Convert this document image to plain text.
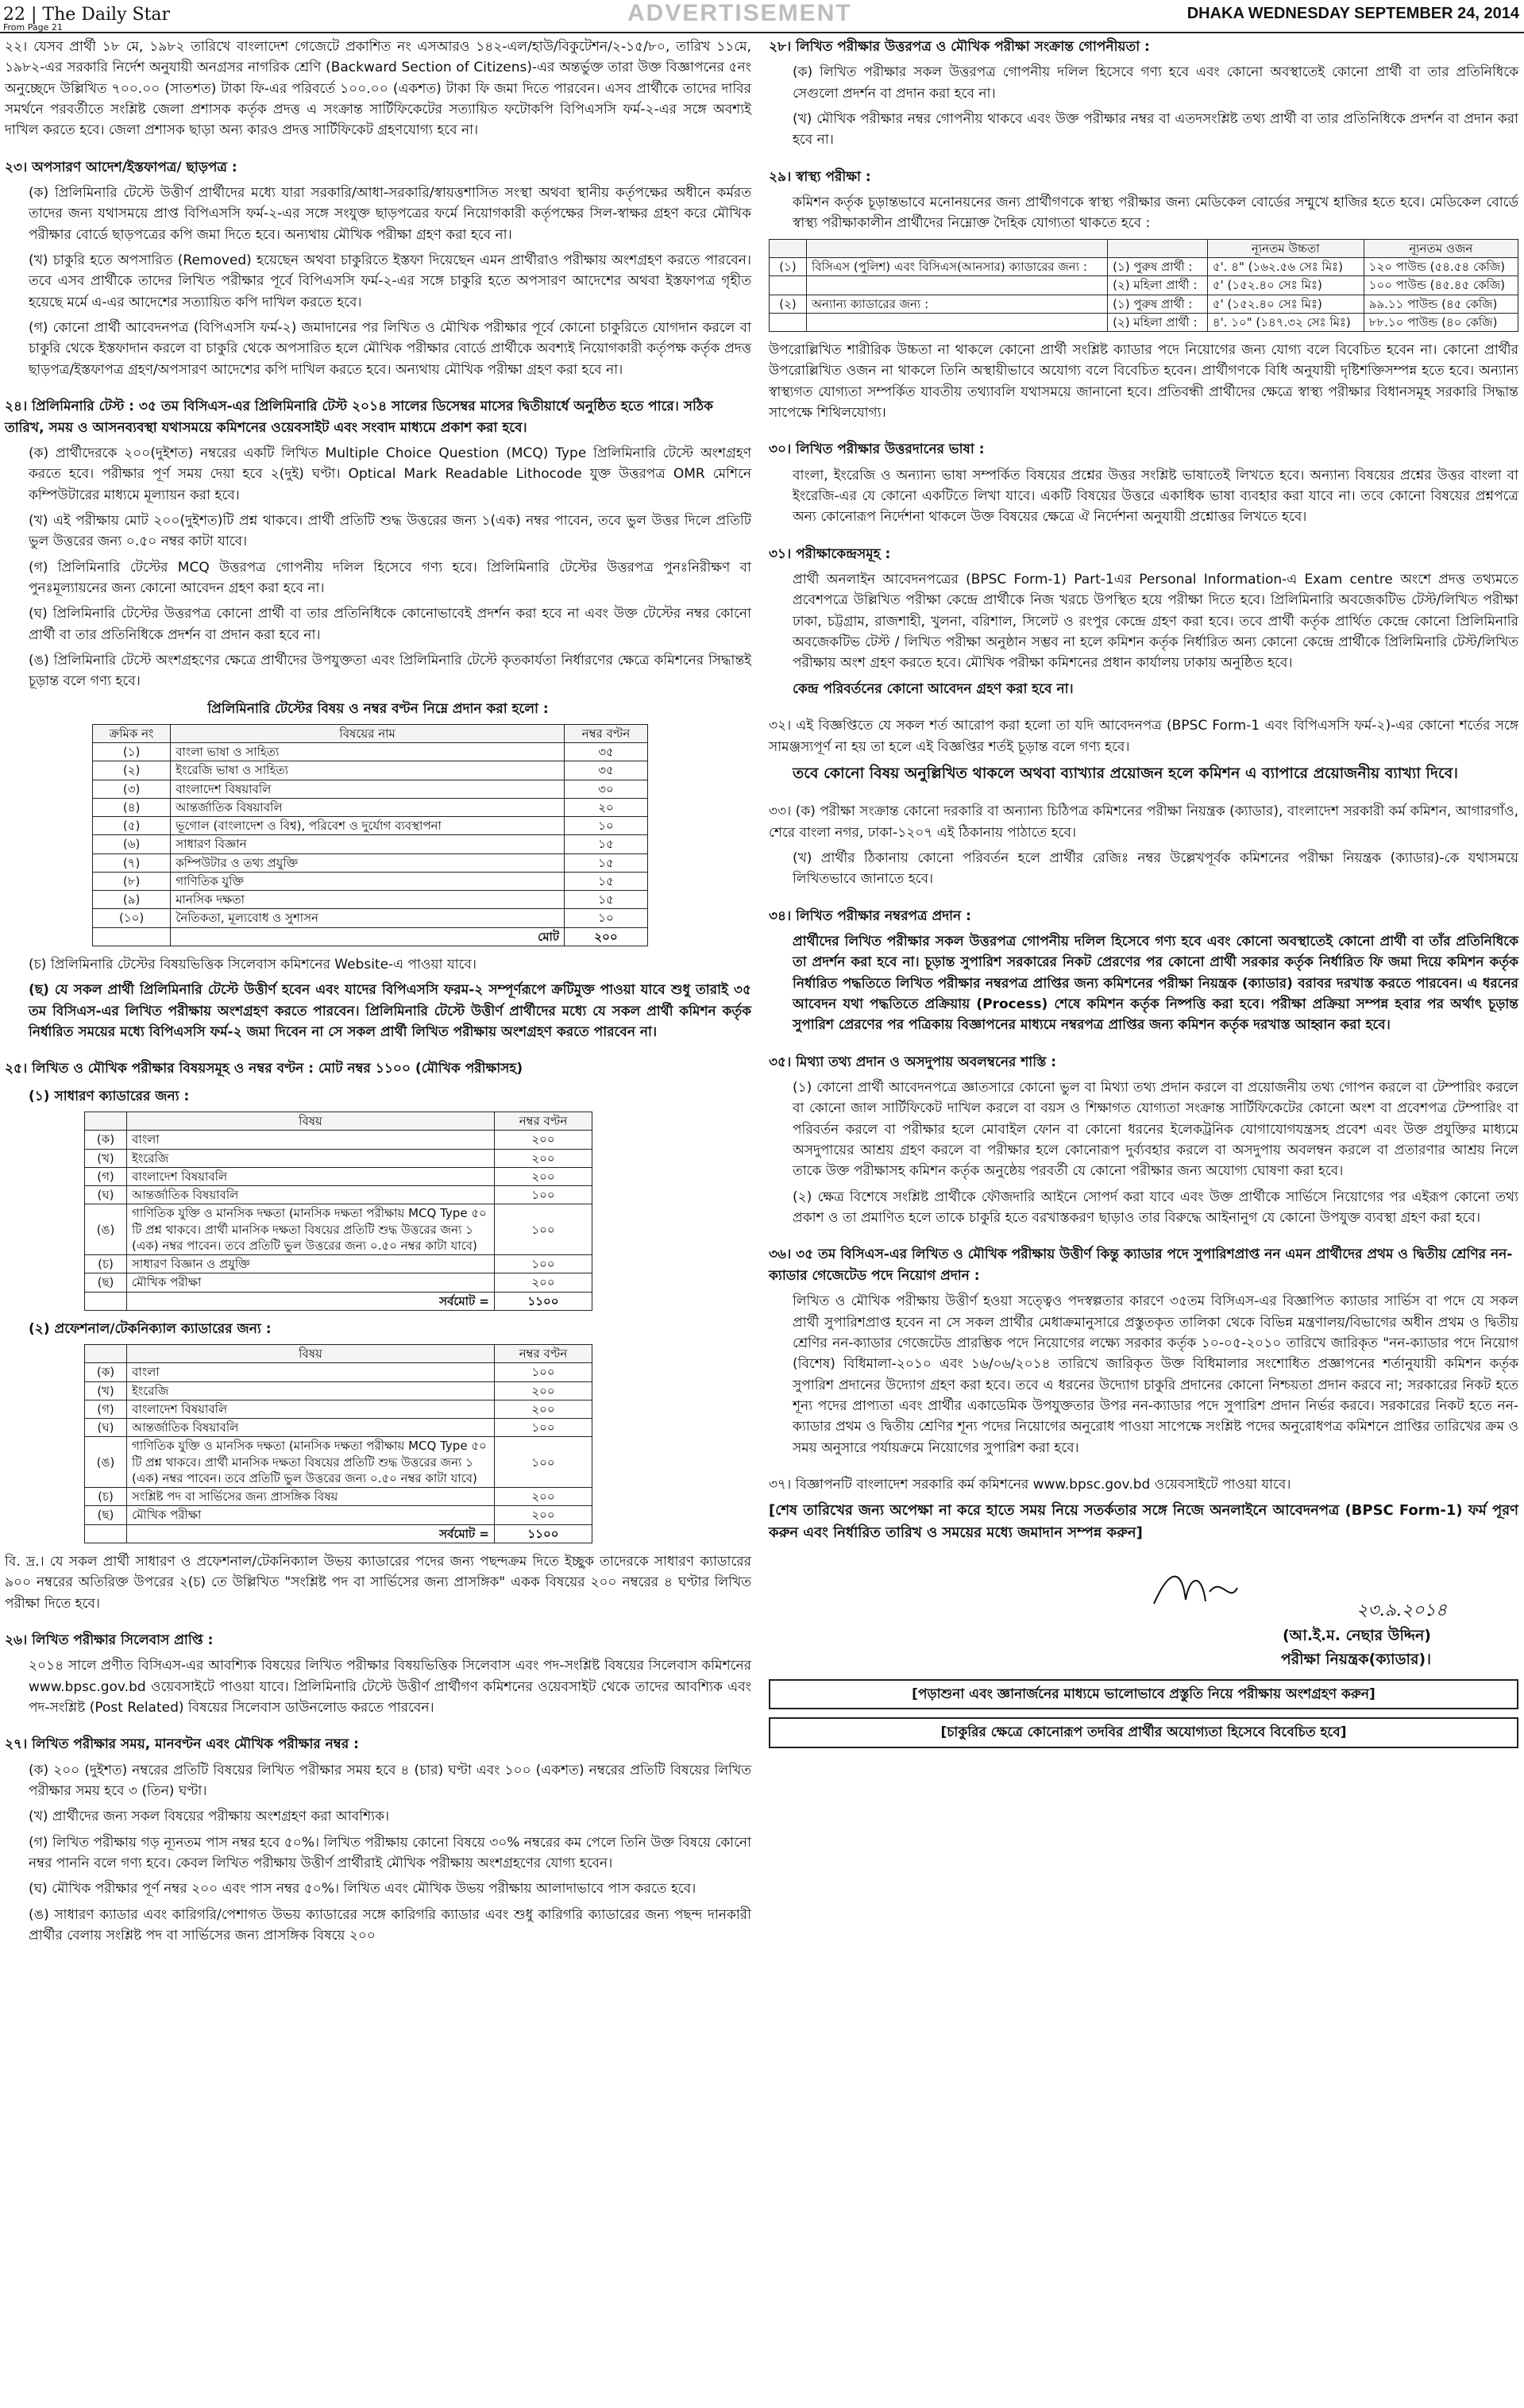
22 | The Daily Star
From Page 21
ADVERTISEMENT	DHAKA WEDNESDAY SEPTEMBER 24, 2014

২২। যেসব প্রার্থী ১৮ মে, ১৯৮২ তারিখে বাংলাদেশ গেজেটে প্রকাশিত নং এসআরও ১৪২-এল/হাউ/বিকুটেশন/২-১৫/৮০, তারিখ ১১মে, ১৯৮২-এর সরকারি নির্দেশ অনুযায়ী অনগ্রসর নাগরিক শ্রেণি (Backward Section of Citizens)-এর অন্তর্ভুক্ত তারা উক্ত বিজ্ঞাপনের ৫নং অনুচ্ছেদে উল্লিখিত ৭০০.০০ (সাতশত) টাকা ফি-এর পরিবর্তে ১০০.০০ (একশত) টাকা ফি জমা দিতে পারবেন। এসব প্রার্থীকে তাদের দাবির সমর্থনে পরবর্তীতে সংশ্লিষ্ট জেলা প্রশাসক কর্তৃক প্রদত্ত এ সংক্রান্ত সার্টিফিকেটের সত্যায়িত ফটোকপি বিপিএসসি ফর্ম-২-এর সঙ্গে অবশ্যই দাখিল করতে হবে। জেলা প্রশাসক ছাড়া অন্য কারও প্রদত্ত সার্টিফিকেট গ্রহণযোগ্য হবে না।

২৩। অপসারণ আদেশ/ইস্তফাপত্র/ ছাড়পত্র :

(ক) প্রিলিমিনারি টেস্টে উত্তীর্ণ প্রার্থীদের মধ্যে যারা সরকারি/আধা-সরকারি/স্বায়ত্তশাসিত সংস্থা অথবা স্থানীয় কর্তৃপক্ষের অধীনে কর্মরত তাদের জন্য যথাসময়ে প্রাপ্ত বিপিএসসি ফর্ম-২-এর সঙ্গে সংযুক্ত ছাড়পত্রের ফর্মে নিয়োগকারী কর্তৃপক্ষের সিল-স্বাক্ষর গ্রহণ করে মৌখিক পরীক্ষার বোর্ডে ছাড়পত্রের কপি জমা দিতে হবে। অন্যথায় মৌখিক পরীক্ষা গ্রহণ করা হবে না।

(খ) চাকুরি হতে অপসারিত (Removed) হয়েছেন অথবা চাকুরিতে ইস্তফা দিয়েছেন এমন প্রার্থীরাও পরীক্ষায় অংশগ্রহণ করতে পারবেন। তবে এসব প্রার্থীকে তাদের লিখিত পরীক্ষার পূর্বে বিপিএসসি ফর্ম-২-এর সঙ্গে চাকুরি হতে অপসারণ আদেশের অথবা ইস্তফাপত্র গৃহীত হয়েছে মর্মে এ-এর আদেশের সত্যায়িত কপি দাখিল করতে হবে।

(গ) কোনো প্রার্থী আবেদনপত্র (বিপিএসসি ফর্ম-২) জমাদানের পর লিখিত ও মৌখিক পরীক্ষার পূর্বে কোনো চাকুরিতে যোগদান করলে বা চাকুরি থেকে ইস্তফাদান করলে বা চাকুরি থেকে অপসারিত হলে মৌখিক পরীক্ষার বোর্ডে প্রার্থীকে অবশ্যই নিয়োগকারী কর্তৃপক্ষ কর্তৃক প্রদত্ত ছাড়পত্র/ইস্তফাপত্র গ্রহণ/অপসারণ আদেশের কপি দাখিল করতে হবে। অন্যথায় মৌখিক পরীক্ষা গ্রহণ করা হবে না।

২৪। প্রিলিমিনারি টেস্ট : ৩৫ তম বিসিএস-এর প্রিলিমিনারি টেস্ট ২০১৪ সালের ডিসেম্বর মাসের দ্বিতীয়ার্ধে অনুষ্ঠিত হতে পারে। সঠিক তারিখ, সময় ও আসনব্যবস্থা যথাসময়ে কমিশনের ওয়েবসাইট এবং সংবাদ মাধ্যমে প্রকাশ করা হবে।

(ক) প্রার্থীদেরকে ২০০(দুইশত) নম্বরের একটি লিখিত Multiple Choice Question (MCQ) Type প্রিলিমিনারি টেস্টে অংশগ্রহণ করতে হবে। পরীক্ষার পূর্ণ সময় দেয়া হবে ২(দুই) ঘণ্টা। Optical Mark Readable Lithocode যুক্ত উত্তরপত্র OMR মেশিনে কম্পিউটারের মাধ্যমে মূল্যায়ন করা হবে।

(খ) এই পরীক্ষায় মোট ২০০(দুইশত)টি প্রশ্ন থাকবে। প্রার্থী প্রতিটি শুদ্ধ উত্তরের জন্য ১(এক) নম্বর পাবেন, তবে ভুল উত্তর দিলে প্রতিটি ভুল উত্তরের জন্য ০.৫০ নম্বর কাটা যাবে।

(গ) প্রিলিমিনারি টেস্টের MCQ উত্তরপত্র গোপনীয় দলিল হিসেবে গণ্য হবে। প্রিলিমিনারি টেস্টের উত্তরপত্র পুনঃনিরীক্ষণ বা পুনঃমূল্যায়নের জন্য কোনো আবেদন গ্রহণ করা হবে না।

(ঘ) প্রিলিমিনারি টেস্টের উত্তরপত্র কোনো প্রার্থী বা তার প্রতিনিধিকে কোনোভাবেই প্রদর্শন করা হবে না এবং উক্ত টেস্টের নম্বর কোনো প্রার্থী বা তার প্রতিনিধিকে প্রদর্শন বা প্রদান করা হবে না।

(ঙ) প্রিলিমিনারি টেস্টে অংশগ্রহণের ক্ষেত্রে প্রার্থীদের উপযুক্ততা এবং প্রিলিমিনারি টেস্টে কৃতকার্যতা নির্ধারণের ক্ষেত্রে কমিশনের সিদ্ধান্তই চূড়ান্ত বলে গণ্য হবে।

প্রিলিমিনারি টেস্টের বিষয় ও নম্বর বণ্টন নিম্নে প্রদান করা হলো :
ক্রমিক নং	বিষয়ের নাম	নম্বর বণ্টন
(১)	বাংলা ভাষা ও সাহিত্য	৩৫
(২)	ইংরেজি ভাষা ও সাহিত্য	৩৫
(৩)	বাংলাদেশ বিষয়াবলি	৩০
(৪)	আন্তর্জাতিক বিষয়াবলি	২০
(৫)	ভূগোল (বাংলাদেশ ও বিশ্ব), পরিবেশ ও দুর্যোগ ব্যবস্থাপনা	১০
(৬)	সাধারণ বিজ্ঞান	১৫
(৭)	কম্পিউটার ও তথ্য প্রযুক্তি	১৫
(৮)	গাণিতিক যুক্তি	১৫
(৯)	মানসিক দক্ষতা	১৫
(১০)	নৈতিকতা, মূল্যবোধ ও সুশাসন	১০
	মোট	২০০

(চ) প্রিলিমিনারি টেস্টের বিষয়ভিত্তিক সিলেবাস কমিশনের Website-এ পাওয়া যাবে।

(ছ) যে সকল প্রার্থী প্রিলিমিনারি টেস্টে উত্তীর্ণ হবেন এবং যাদের বিপিএসসি ফরম-২ সম্পূর্ণরূপে ক্রটিমুক্ত পাওয়া যাবে শুধু তারাই ৩৫ তম বিসিএস-এর লিখিত পরীক্ষায় অংশগ্রহণ করতে পারবেন। প্রিলিমিনারি টেস্টে উত্তীর্ণ প্রার্থীদের মধ্যে যে সকল প্রার্থী কমিশন কর্তৃক নির্ধারিত সময়ের মধ্যে বিপিএসসি ফর্ম-২ জমা দিবেন না সে সকল প্রার্থী লিখিত পরীক্ষায় অংশগ্রহণ করতে পারবেন না।

২৫। লিখিত ও মৌখিক পরীক্ষার বিষয়সমূহ ও নম্বর বণ্টন : মোট নম্বর ১১০০ (মৌখিক পরীক্ষাসহ)
(১) সাধারণ ক্যাডারের জন্য :
	বিষয়	নম্বর বণ্টন
(ক)	বাংলা	২০০
(খ)	ইংরেজি	২০০
(গ)	বাংলাদেশ বিষয়াবলি	২০০
(ঘ)	আন্তর্জাতিক বিষয়াবলি	১০০
(ঙ)	গাণিতিক যুক্তি ও মানসিক দক্ষতা (মানসিক দক্ষতা পরীক্ষায় MCQ Type ৫০ টি প্রশ্ন থাকবে। প্রার্থী মানসিক দক্ষতা বিষয়ের প্রতিটি শুদ্ধ উত্তরের জন্য ১ (এক) নম্বর পাবেন। তবে প্রতিটি ভুল উত্তরের জন্য ০.৫০ নম্বর কাটা যাবে)	১০০
(চ)	সাধারণ বিজ্ঞান ও প্রযুক্তি	১০০
(ছ)	মৌখিক পরীক্ষা	২০০
	সর্বমোট =	১১০০
(২) প্রফেশনাল/টেকনিক্যাল ক্যাডারের জন্য :
	বিষয়	নম্বর বণ্টন
(ক)	বাংলা	১০০
(খ)	ইংরেজি	২০০
(গ)	বাংলাদেশ বিষয়াবলি	২০০
(ঘ)	আন্তর্জাতিক বিষয়াবলি	১০০
(ঙ)	গাণিতিক যুক্তি ও মানসিক দক্ষতা (মানসিক দক্ষতা পরীক্ষায় MCQ Type ৫০ টি প্রশ্ন থাকবে। প্রার্থী মানসিক দক্ষতা বিষয়ের প্রতিটি শুদ্ধ উত্তরের জন্য ১ (এক) নম্বর পাবেন। তবে প্রতিটি ভুল উত্তরের জন্য ০.৫০ নম্বর কাটা যাবে)	১০০
(চ)	সংশ্লিষ্ট পদ বা সার্ভিসের জন্য প্রাসঙ্গিক বিষয়	২০০
(ছ)	মৌখিক পরীক্ষা	২০০
	সর্বমোট =	১১০০

বি. দ্র.। যে সকল প্রার্থী সাধারণ ও প্রফেশনাল/টেকনিক্যাল উভয় ক্যাডারের পদের জন্য পছন্দক্রম দিতে ইচ্ছুক তাদেরকে সাধারণ ক্যাডারের ৯০০ নম্বরের অতিরিক্ত উপরের ২(চ) তে উল্লিখিত "সংশ্লিষ্ট পদ বা সার্ভিসের জন্য প্রাসঙ্গিক" একক বিষয়ের ২০০ নম্বরের ৪ ঘণ্টার লিখিত পরীক্ষা দিতে হবে।

২৬। লিখিত পরীক্ষার সিলেবাস প্রাপ্তি :

২০১৪ সালে প্রণীত বিসিএস-এর আবশ্যিক বিষয়ের লিখিত পরীক্ষার বিষয়ভিত্তিক সিলেবাস এবং পদ-সংশ্লিষ্ট বিষয়ের সিলেবাস কমিশনের www.bpsc.gov.bd ওয়েবসাইটে পাওয়া যাবে। প্রিলিমিনারি টেস্টে উত্তীর্ণ প্রার্থীগণ কমিশনের ওয়েবসাইট থেকে তাদের আবশ্যিক এবং পদ-সংশ্লিষ্ট (Post Related) বিষয়ের সিলেবাস ডাউনলোড করতে পারবেন।

২৭। লিখিত পরীক্ষার সময়, মানবণ্টন এবং মৌখিক পরীক্ষার নম্বর :

(ক) ২০০ (দুইশত) নম্বরের প্রতিটি বিষয়ের লিখিত পরীক্ষার সময় হবে ৪ (চার) ঘণ্টা এবং ১০০ (একশত) নম্বরের প্রতিটি বিষয়ের লিখিত পরীক্ষার সময় হবে ৩ (তিন) ঘণ্টা।

(খ) প্রার্থীদের জন্য সকল বিষয়ের পরীক্ষায় অংশগ্রহণ করা আবশ্যিক।

(গ) লিখিত পরীক্ষায় গড় ন্যূনতম পাস নম্বর হবে ৫০%। লিখিত পরীক্ষায় কোনো বিষয়ে ৩০% নম্বরের কম পেলে তিনি উক্ত বিষয়ে কোনো নম্বর পাননি বলে গণ্য হবে। কেবল লিখিত পরীক্ষায় উত্তীর্ণ প্রার্থীরাই মৌখিক পরীক্ষায় অংশগ্রহণের যোগ্য হবেন।

(ঘ) মৌখিক পরীক্ষার পূর্ণ নম্বর ২০০ এবং পাস নম্বর ৫০%। লিখিত এবং মৌখিক উভয় পরীক্ষায় আলাদাভাবে পাস করতে হবে।

(ঙ) সাধারণ ক্যাডার এবং কারিগরি/পেশাগত উভয় ক্যাডারের সঙ্গে কারিগরি ক্যাডার এবং শুধু কারিগরি ক্যাডারের জন্য পছন্দ দানকারী প্রার্থীর বেলায় সংশ্লিষ্ট পদ বা সার্ভিসের জন্য প্রাসঙ্গিক বিষয়ে ২০০

২৮। লিখিত পরীক্ষার উত্তরপত্র ও মৌখিক পরীক্ষা সংক্রান্ত গোপনীয়তা :

(ক) লিখিত পরীক্ষার সকল উত্তরপত্র গোপনীয় দলিল হিসেবে গণ্য হবে এবং কোনো অবস্থাতেই কোনো প্রার্থী বা তার প্রতিনিধিকে সেগুলো প্রদর্শন বা প্রদান করা হবে না।

(খ) মৌখিক পরীক্ষার নম্বর গোপনীয় থাকবে এবং উক্ত পরীক্ষার নম্বর বা এতদসংশ্লিষ্ট তথ্য প্রার্থী বা তার প্রতিনিধিকে প্রদর্শন বা প্রদান করা হবে না।

২৯। স্বাস্থ্য পরীক্ষা :

কমিশন কর্তৃক চূড়ান্তভাবে মনোনয়নের জন্য প্রার্থীগণকে স্বাস্থ্য পরীক্ষার জন্য মেডিকেল বোর্ডের সম্মুখে হাজির হতে হবে। মেডিকেল বোর্ডে স্বাস্থ্য পরীক্ষাকালীন প্রার্থীদের নিম্নোক্ত দৈহিক যোগ্যতা থাকতে হবে :

			ন্যূনতম উচ্চতা	ন্যূনতম ওজন
(১)	বিসিএস (পুলিশ) এবং বিসিএস(আনসার) ক্যাডারের জন্য :	(১) পুরুষ প্রার্থী :	৫'. ৪" (১৬২.৫৬ সেঃ মিঃ)	১২০ পাউন্ড (৫৪.৫৪ কেজি)
		(২) মহিলা প্রার্থী :	৫' (১৫২.৪০ সেঃ মিঃ)	১০০ পাউন্ড (৪৫.৪৫ কেজি)
(২)	অন্যান্য ক্যাডারের জন্য :	(১) পুরুষ প্রার্থী :	৫' (১৫২.৪০ সেঃ মিঃ)	৯৯.১১ পাউন্ড (৪৫ কেজি)
		(২) মহিলা প্রার্থী :	৪'. ১০" (১৪৭.৩২ সেঃ মিঃ)	৮৮.১০ পাউন্ড (৪০ কেজি)

উপরোল্লিখিত শারীরিক উচ্চতা না থাকলে কোনো প্রার্থী সংশ্লিষ্ট ক্যাডার পদে নিয়োগের জন্য যোগ্য বলে বিবেচিত হবেন না। কোনো প্রার্থীর উপরোল্লিখিত ওজন না থাকলে তিনি অস্থায়ীভাবে অযোগ্য বলে বিবেচিত হবেন। প্রার্থীগণকে বিধি অনুযায়ী দৃষ্টিশক্তিসম্পন্ন হতে হবে। অন্যান্য স্বাস্থ্যগত যোগ্যতা সম্পর্কিত যাবতীয় তথ্যাবলি যথাসময়ে জানানো হবে। প্রতিবন্ধী প্রার্থীদের ক্ষেত্রে স্বাস্থ্য পরীক্ষার বিধানসমূহ সরকারি সিদ্ধান্ত সাপেক্ষে শিথিলযোগ্য।

৩০। লিখিত পরীক্ষার উত্তরদানের ভাষা :

বাংলা, ইংরেজি ও অন্যান্য ভাষা সম্পর্কিত বিষয়ের প্রশ্নের উত্তর সংশ্লিষ্ট ভাষাতেই লিখতে হবে। অন্যান্য বিষয়ের প্রশ্নের উত্তর বাংলা বা ইংরেজি-এর যে কোনো একটিতে লিখা যাবে। একটি বিষয়ের উত্তরে একাধিক ভাষা ব্যবহার করা যাবে না। তবে কোনো বিষয়ের প্রশ্নপত্রে অন্য কোনোরূপ নির্দেশনা থাকলে উক্ত বিষয়ের ক্ষেত্রে ঐ নির্দেশনা অনুযায়ী প্রশ্নোত্তর লিখতে হবে।

৩১। পরীক্ষাকেন্দ্রসমূহ :

প্রার্থী অনলাইন আবেদনপত্রের (BPSC Form-1) Part-1এর Personal Information-এ Exam centre অংশে প্রদত্ত তথ্যমতে প্রবেশপত্রে উল্লিখিত পরীক্ষা কেন্দ্রে প্রার্থীকে নিজ খরচে উপস্থিত হয়ে পরীক্ষা দিতে হবে। প্রিলিমিনারি অবজেকটিভ টেস্ট/লিখিত পরীক্ষা ঢাকা, চট্টগ্রাম, রাজশাহী, খুলনা, বরিশাল, সিলেট ও রংপুর কেন্দ্রে গ্রহণ করা হবে। তবে প্রার্থী কর্তৃক প্রার্থিত কেন্দ্রে কোনো প্রিলিমিনারি অবজেকটিভ টেস্ট / লিখিত পরীক্ষা অনুষ্ঠান সম্ভব না হলে কমিশন কর্তৃক নির্ধারিত অন্য কোনো কেন্দ্রে প্রার্থীকে প্রিলিমিনারি টেস্ট/লিখিত পরীক্ষায় অংশ গ্রহণ করতে হবে। মৌখিক পরীক্ষা কমিশনের প্রধান কার্যালয় ঢাকায় অনুষ্ঠিত হবে।

কেন্দ্র পরিবর্তনের কোনো আবেদন গ্রহণ করা হবে না।

৩২। এই বিজ্ঞপ্তিতে যে সকল শর্ত আরোপ করা হলো তা যদি আবেদনপত্র (BPSC Form-1 এবং বিপিএসসি ফর্ম-২)-এর কোনো শর্তের সঙ্গে সামঞ্জস্যপূর্ণ না হয় তা হলে এই বিজ্ঞপ্তির শর্তই চূড়ান্ত বলে গণ্য হবে।

তবে কোনো বিষয় অনুল্লিখিত থাকলে অথবা ব্যাখ্যার প্রয়োজন হলে কমিশন এ ব্যাপারে প্রয়োজনীয় ব্যাখ্যা দিবে।

৩৩। (ক) পরীক্ষা সংক্রান্ত কোনো দরকারি বা অন্যান্য চিঠিপত্র কমিশনের পরীক্ষা নিয়ন্ত্রক (ক্যাডার), বাংলাদেশ সরকারী কর্ম কমিশন, আগারগাঁও, শেরে বাংলা নগর, ঢাকা-১২০৭ এই ঠিকানায় পাঠাতে হবে।

(খ) প্রার্থীর ঠিকানায় কোনো পরিবর্তন হলে প্রার্থীর রেজিঃ নম্বর উল্লেখপূর্বক কমিশনের পরীক্ষা নিয়ন্ত্রক (ক্যাডার)-কে যথাসময়ে লিখিতভাবে জানাতে হবে।

৩৪। লিখিত পরীক্ষার নম্বরপত্র প্রদান :

প্রার্থীদের লিখিত পরীক্ষার সকল উত্তরপত্র গোপনীয় দলিল হিসেবে গণ্য হবে এবং কোনো অবস্থাতেই কোনো প্রার্থী বা তাঁর প্রতিনিধিকে তা প্রদর্শন করা হবে না। চূড়ান্ত সুপারিশ সরকারের নিকট প্রেরণের পর কোনো প্রার্থী সরকার কর্তৃক নির্ধারিত ফি জমা দিয়ে কমিশন কর্তৃক নির্ধারিত পদ্ধতিতে লিখিত পরীক্ষার নম্বরপত্র প্রাপ্তির জন্য কমিশনের পরীক্ষা নিয়ন্ত্রক (ক্যাডার) বরাবর দরখাস্ত করতে পারবেন। এ ধরনের আবেদন যথা পদ্ধতিতে প্রক্রিয়ায় (Process) শেষে কমিশন কর্তৃক নিষ্পত্তি করা হবে। পরীক্ষা প্রক্রিয়া সম্পন্ন হবার পর অর্থাৎ চূড়ান্ত সুপারিশ প্রেরণের পর পত্রিকায় বিজ্ঞাপনের মাধ্যমে নম্বরপত্র প্রাপ্তির জন্য কমিশন কর্তৃক দরখাস্ত আহ্বান করা হবে।

৩৫। মিথ্যা তথ্য প্রদান ও অসদুপায় অবলম্বনের শাস্তি :

(১) কোনো প্রার্থী আবেদনপত্রে জ্ঞাতসারে কোনো ভুল বা মিথ্যা তথ্য প্রদান করলে বা প্রয়োজনীয় তথ্য গোপন করলে বা টেম্পারিং করলে বা কোনো জাল সার্টিফিকেট দাখিল করলে বা বয়স ও শিক্ষাগত যোগ্যতা সংক্রান্ত সার্টিফিকেটের কোনো অংশ বা প্রবেশপত্র টেম্পারিং বা পরিবর্তন করলে বা পরীক্ষার হলে মোবাইল ফোন বা কোনো ধরনের ইলেকট্রনিক যোগাযোগযন্ত্রসহ প্রবেশ এবং উক্ত প্রযুক্তির মাধ্যমে অসদুপায়ের আশ্রয় গ্রহণ করলে বা পরীক্ষার হলে কোনোরূপ দুর্ব্যবহার করলে বা অসদুপায় অবলম্বন করলে বা প্রতারণার আশ্রয় নিলে তাকে উক্ত পরীক্ষাসহ কমিশন কর্তৃক অনুষ্ঠেয় পরবর্তী যে কোনো পরীক্ষার জন্য অযোগ্য ঘোষণা করা হবে।

(২) ক্ষেত্র বিশেষে সংশ্লিষ্ট প্রার্থীকে ফৌজদারি আইনে সোপর্দ করা যাবে এবং উক্ত প্রার্থীকে সার্ভিসে নিয়োগের পর এইরূপ কোনো তথ্য প্রকাশ ও তা প্রমাণিত হলে তাকে চাকুরি হতে বরখাস্তকরণ ছাড়াও তার বিরুদ্ধে আইনানুগ যে কোনো উপযুক্ত ব্যবস্থা গ্রহণ করা হবে।

৩৬। ৩৫ তম বিসিএস-এর লিখিত ও মৌখিক পরীক্ষায় উত্তীর্ণ কিন্তু ক্যাডার পদে সুপারিশপ্রাপ্ত নন এমন প্রার্থীদের প্রথম ও দ্বিতীয় শ্রেণির নন-ক্যাডার গেজেটেড পদে নিয়োগ প্রদান :

লিখিত ও মৌখিক পরীক্ষায় উত্তীর্ণ হওয়া সত্ত্বেও পদস্বল্পতার কারণে ৩৫তম বিসিএস-এর বিজ্ঞাপিত ক্যাডার সার্ভিস বা পদে যে সকল প্রার্থী সুপারিশপ্রাপ্ত হবেন না সে সকল প্রার্থীর মেধাক্রমানুসারে প্রস্তুতকৃত তালিকা থেকে বিভিন্ন মন্ত্রণালয়/বিভাগের অধীন প্রথম ও দ্বিতীয় শ্রেণির নন-ক্যাডার গেজেটেড প্রারম্ভিক পদে নিয়োগের লক্ষ্যে সরকার কর্তৃক ১০-০৫-২০১০ তারিখে জারিকৃত "নন-ক্যাডার পদে নিয়োগ (বিশেষ) বিধিমালা-২০১০ এবং ১৬/০৬/২০১৪ তারিখে জারিকৃত উক্ত বিধিমালার সংশোধিত প্রজ্ঞাপনের শর্তানুযায়ী কমিশন কর্তৃক সুপারিশ প্রদানের উদ্যোগ গ্রহণ করা হবে। তবে এ ধরনের উদ্যোগ চাকুরি প্রদানের কোনো নিশ্চয়তা প্রদান করবে না; সরকারের নিকট হতে শূন্য পদের প্রাপ্যতা এবং প্রার্থীর একাডেমিক উপযুক্ততার উপর নন-ক্যাডার পদে সুপারিশ প্রদান নির্ভর করবে। সরকারের নিকট হতে নন-ক্যাডার প্রথম ও দ্বিতীয় শ্রেণির শূন্য পদের নিয়োগের অনুরোধ পাওয়া সাপেক্ষে সংশ্লিষ্ট পদের অনুরোধপত্র কমিশনে প্রাপ্তির তারিখের ক্রম ও সময় অনুসারে পর্যায়ক্রমে নিয়োগের সুপারিশ করা হবে।

৩৭। বিজ্ঞাপনটি বাংলাদেশ সরকারি কর্ম কমিশনের www.bpsc.gov.bd ওয়েবসাইটে পাওয়া যাবে।

[শেষ তারিখের জন্য অপেক্ষা না করে হাতে সময় নিয়ে সতর্কতার সঙ্গে নিজে অনলাইনে আবেদনপত্র (BPSC Form-1) ফর্ম পূরণ করুন এবং নির্ধারিত তারিখ ও সময়ের মধ্যে জমাদান সম্পন্ন করুন]

২৩.৯.২০১৪
(আ.ই.ম. নেছার উদ্দিন)
পরীক্ষা নিয়ন্ত্রক(ক্যাডার)।
[পড়াশুনা এবং জ্ঞানার্জনের মাধ্যমে ভালোভাবে প্রস্তুতি নিয়ে পরীক্ষায় অংশগ্রহণ করুন]
[চাকুরির ক্ষেত্রে কোনোরূপ তদবির প্রার্থীর অযোগ্যতা হিসেবে বিবেচিত হবে]
